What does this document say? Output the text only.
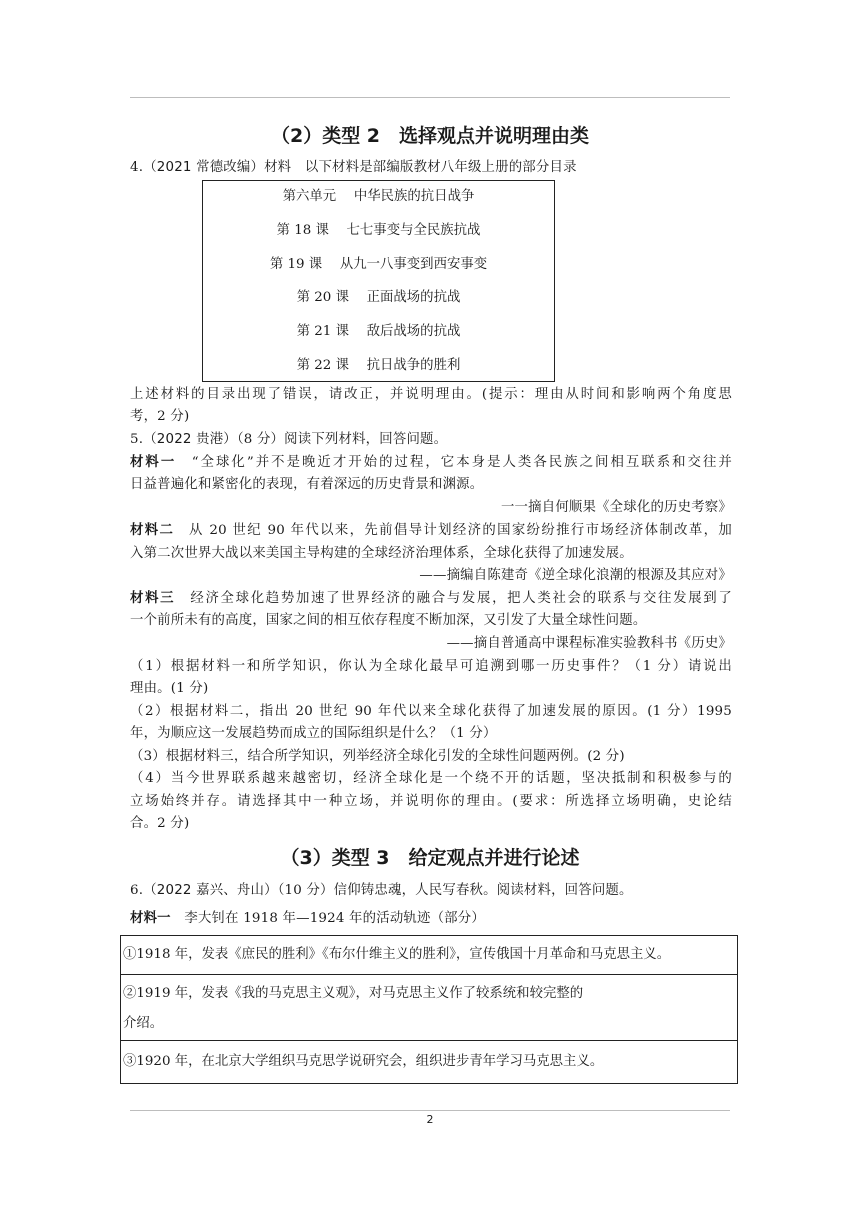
（2）类型 2　选择观点并说明理由类
4.（2021 常德改编）材料　以下材料是部编版教材八年级上册的部分目录
第六单元　 中华民族的抗日战争
第 18 课　 七七事变与全民族抗战
第 19 课　 从九一八事变到西安事变
第 20 课　 正面战场的抗战
第 21 课　 敌后战场的抗战
第 22 课　 抗日战争的胜利
上述材料的目录出现了错误，请改正，并说明理由。(提示：理由从时间和影响两个角度思
考，2 分)
5.（2022 贵港）（8 分）阅读下列材料，回答问题。
材料一　“全球化”并不是晚近才开始的过程，它本身是人类各民族之间相互联系和交往并
日益普遍化和紧密化的表现，有着深远的历史背景和渊源。
一一摘自何顺果《全球化的历史考察》
材料二　从 20 世纪 90 年代以来，先前倡导计划经济的国家纷纷推行市场经济体制改革，加
入第二次世界大战以来美国主导构建的全球经济治理体系，全球化获得了加速发展。
——摘编自陈建奇《逆全球化浪潮的根源及其应对》
材料三　经济全球化趋势加速了世界经济的融合与发展，把人类社会的联系与交往发展到了
一个前所未有的高度，国家之间的相互依存程度不断加深，又引发了大量全球性问题。
——摘自普通高中课程标准实验教科书《历史》
（1）根据材料一和所学知识，你认为全球化最早可追溯到哪一历史事件？（1 分）请说出
理由。(1 分)
（2）根据材料二，指出 20 世纪 90 年代以来全球化获得了加速发展的原因。(1 分）1995
年，为顺应这一发展趋势而成立的国际组织是什么？（1 分）
（3）根据材料三，结合所学知识，列举经济全球化引发的全球性问题两例。(2 分)
（4）当今世界联系越来越密切，经济全球化是一个绕不开的话题，坚决抵制和积极参与的
立场始终并存。请选择其中一种立场，并说明你的理由。(要求：所选择立场明确，史论结
合。2 分)
（3）类型 3　给定观点并进行论述
6.（2022 嘉兴、舟山）（10 分）信仰铸忠魂，人民写春秋。阅读材料，回答问题。
材料一　李大钊在 1918 年—1924 年的活动轨迹（部分）
①1918 年，发表《庶民的胜利》《布尔什维主义的胜利》，宣传俄国十月革命和马克思主义。
②1919 年，发表《我的马克思主义观》，对马克思主义作了较系统和较完整的
介绍。
③1920 年，在北京大学组织马克思学说研究会，组织进步青年学习马克思主义。
2
